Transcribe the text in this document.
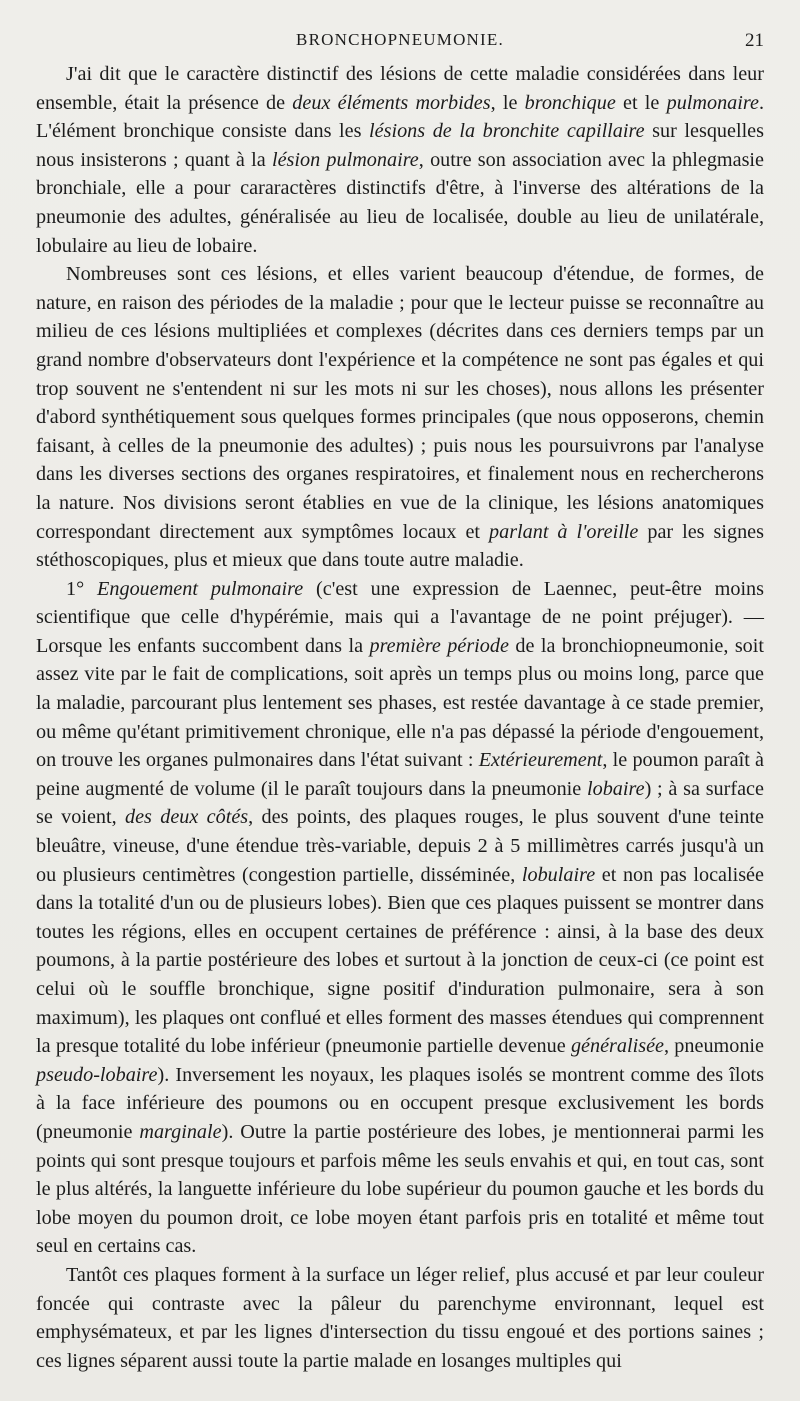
BRONCHOPNEUMONIE.	21

J'ai dit que le caractère distinctif des lésions de cette maladie considérées dans leur ensemble, était la présence de deux éléments morbides, le bronchique et le pulmonaire. L'élément bronchique consiste dans les lésions de la bronchite capillaire sur lesquelles nous insisterons ; quant à la lésion pulmonaire, outre son association avec la phlegmasie bronchiale, elle a pour cararactères distinctifs d'être, à l'inverse des altérations de la pneumonie des adultes, généralisée au lieu de localisée, double au lieu de unilatérale, lobulaire au lieu de lobaire.

Nombreuses sont ces lésions, et elles varient beaucoup d'étendue, de formes, de nature, en raison des périodes de la maladie ; pour que le lecteur puisse se reconnaître au milieu de ces lésions multipliées et complexes (décrites dans ces derniers temps par un grand nombre d'observateurs dont l'expérience et la compétence ne sont pas égales et qui trop souvent ne s'entendent ni sur les mots ni sur les choses), nous allons les présenter d'abord synthétiquement sous quelques formes principales (que nous opposerons, chemin faisant, à celles de la pneumonie des adultes) ; puis nous les poursuivrons par l'analyse dans les diverses sections des organes respiratoires, et finalement nous en rechercherons la nature. Nos divisions seront établies en vue de la clinique, les lésions anatomiques correspondant directement aux symptômes locaux et parlant à l'oreille par les signes stéthoscopiques, plus et mieux que dans toute autre maladie.

1° Engouement pulmonaire (c'est une expression de Laennec, peut-être moins scientifique que celle d'hypérémie, mais qui a l'avantage de ne point préjuger). — Lorsque les enfants succombent dans la première période de la bronchiopneumonie, soit assez vite par le fait de complications, soit après un temps plus ou moins long, parce que la maladie, parcourant plus lentement ses phases, est restée davantage à ce stade premier, ou même qu'étant primitivement chronique, elle n'a pas dépassé la période d'engouement, on trouve les organes pulmonaires dans l'état suivant : Extérieurement, le poumon paraît à peine augmenté de volume (il le paraît toujours dans la pneumonie lobaire) ; à sa surface se voient, des deux côtés, des points, des plaques rouges, le plus souvent d'une teinte bleuâtre, vineuse, d'une étendue très-variable, depuis 2 à 5 millimètres carrés jusqu'à un ou plusieurs centimètres (congestion partielle, disséminée, lobulaire et non pas localisée dans la totalité d'un ou de plusieurs lobes). Bien que ces plaques puissent se montrer dans toutes les régions, elles en occupent certaines de préférence : ainsi, à la base des deux poumons, à la partie postérieure des lobes et surtout à la jonction de ceux-ci (ce point est celui où le souffle bronchique, signe positif d'induration pulmonaire, sera à son maximum), les plaques ont conflué et elles forment des masses étendues qui comprennent la presque totalité du lobe inférieur (pneumonie partielle devenue généralisée, pneumonie pseudo-lobaire). Inversement les noyaux, les plaques isolés se montrent comme des îlots à la face inférieure des poumons ou en occupent presque exclusivement les bords (pneumonie marginale). Outre la partie postérieure des lobes, je mentionnerai parmi les points qui sont presque toujours et parfois même les seuls envahis et qui, en tout cas, sont le plus altérés, la languette inférieure du lobe supérieur du poumon gauche et les bords du lobe moyen du poumon droit, ce lobe moyen étant parfois pris en totalité et même tout seul en certains cas.

Tantôt ces plaques forment à la surface un léger relief, plus accusé et par leur couleur foncée qui contraste avec la pâleur du parenchyme environnant, lequel est emphysémateux, et par les lignes d'intersection du tissu engoué et des portions saines ; ces lignes séparent aussi toute la partie malade en losanges multiples qui
